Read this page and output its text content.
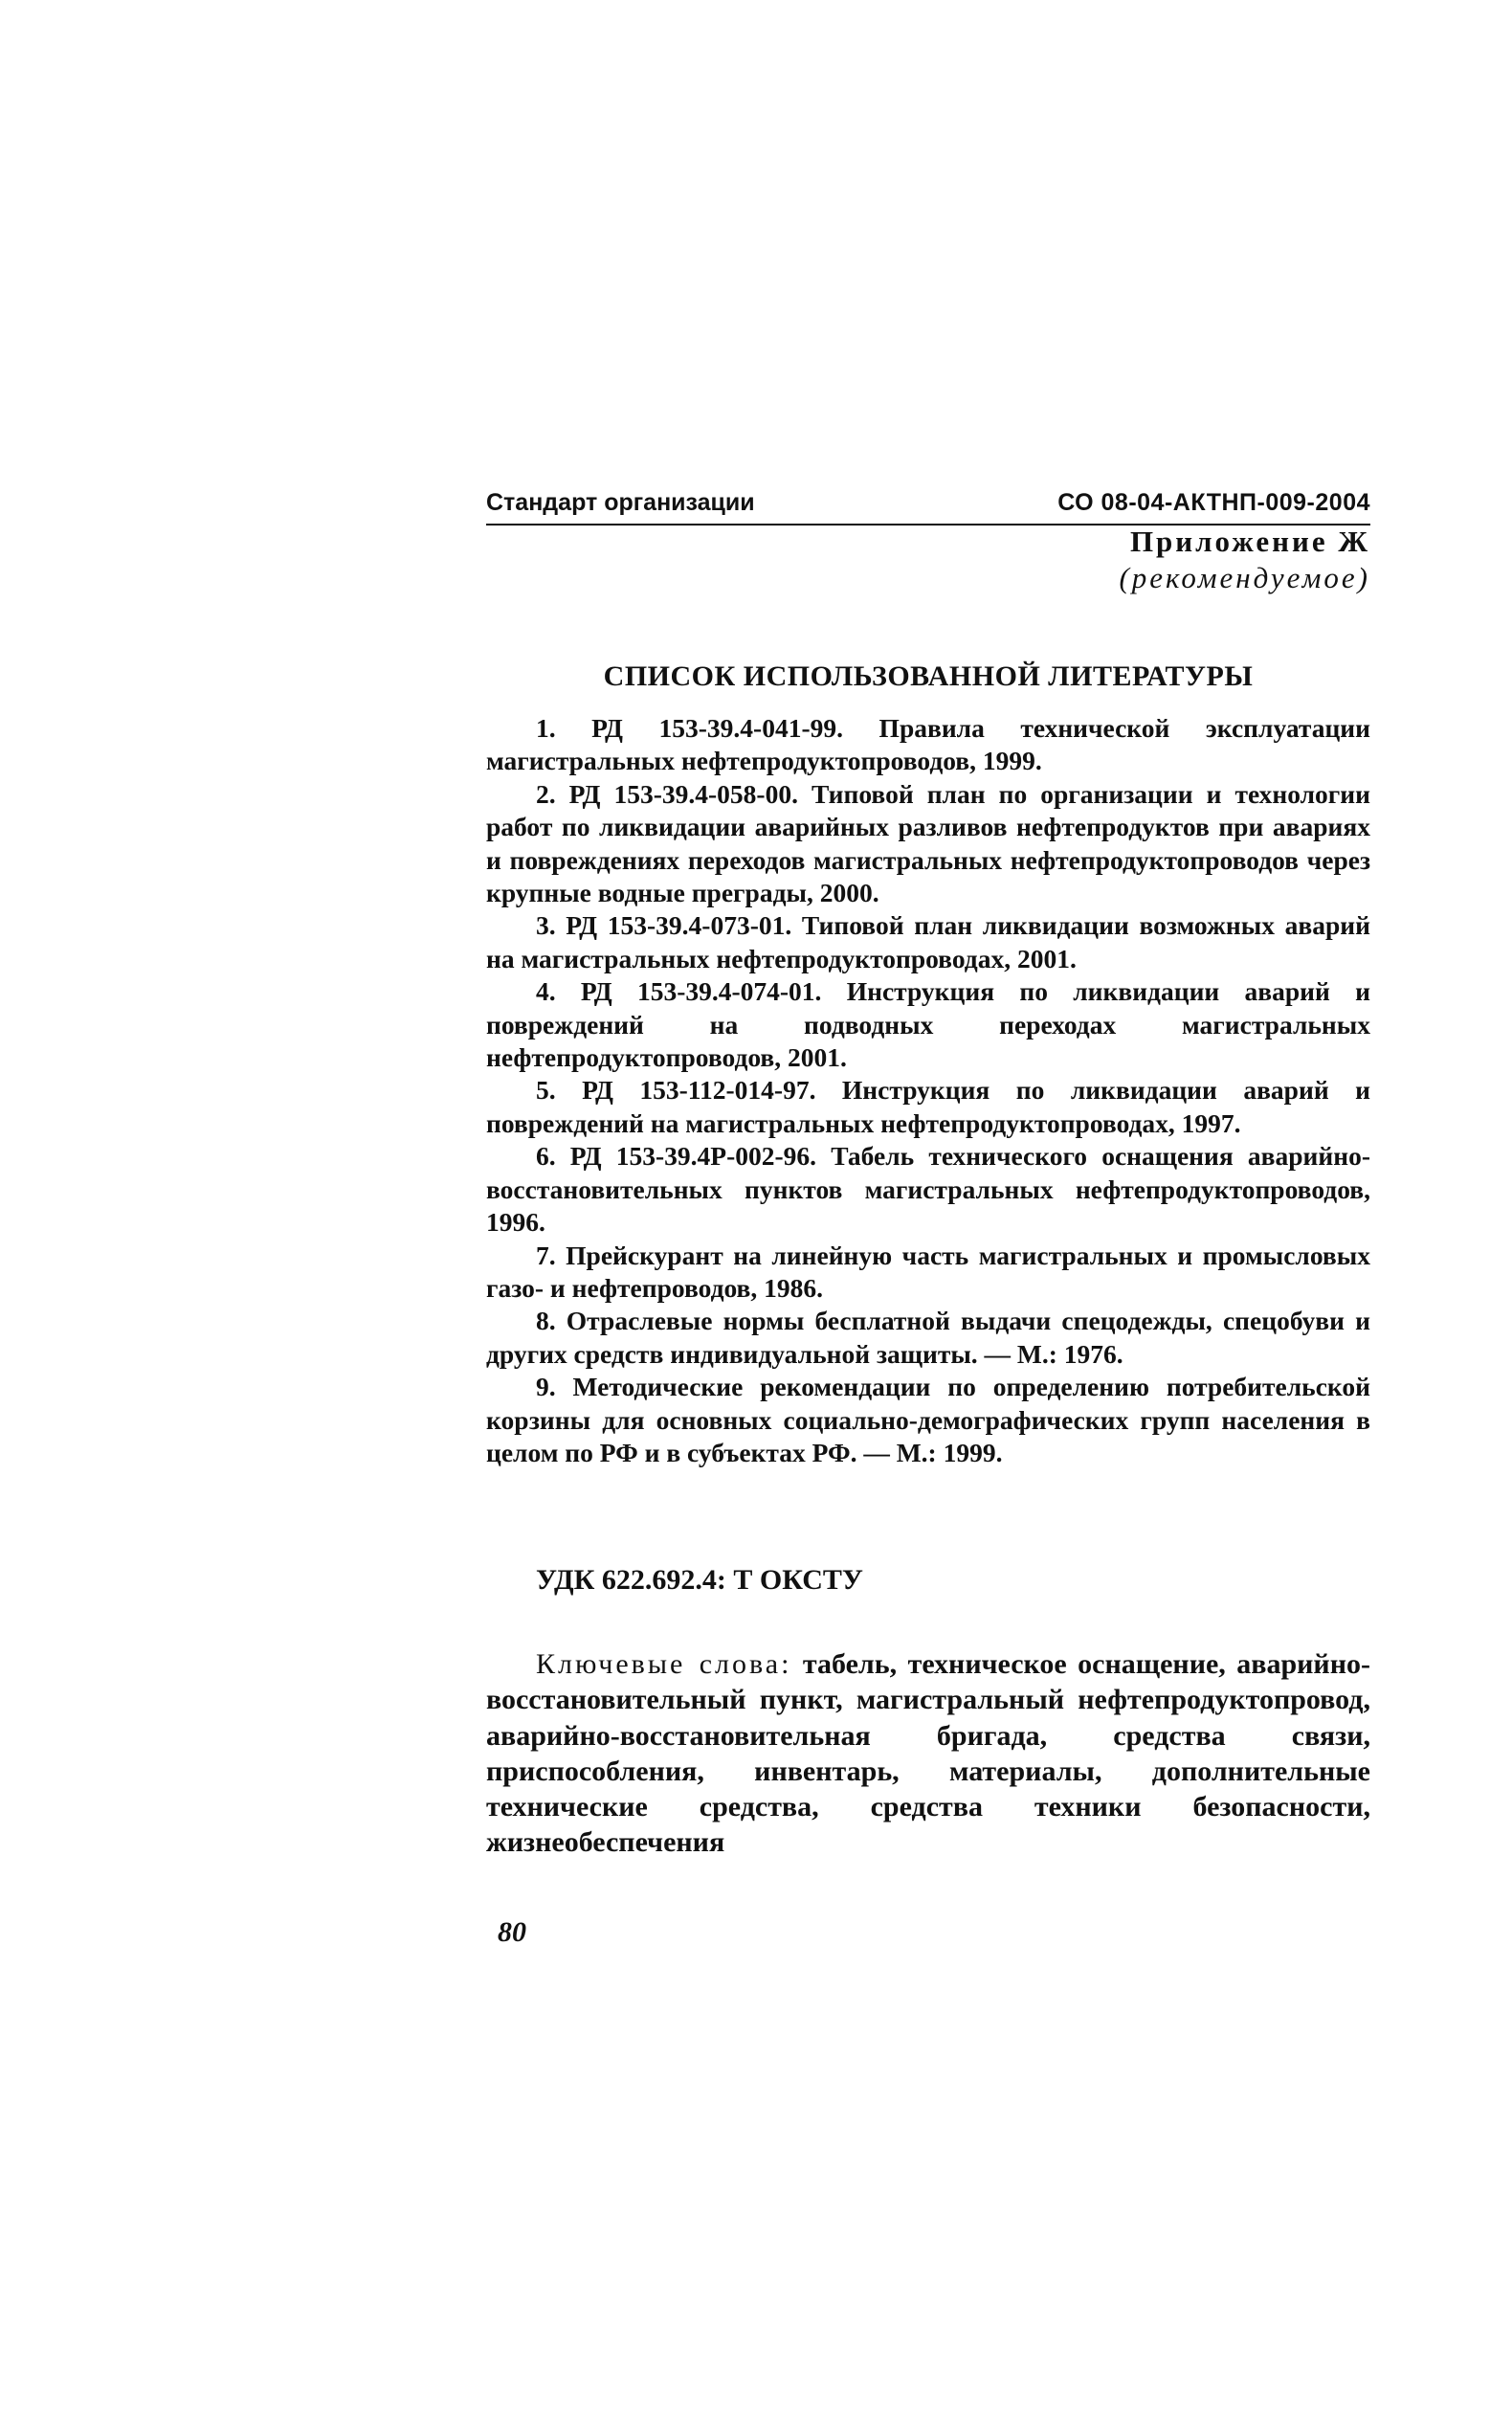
Стандарт организации	СО 08-04-АКТНП-009-2004
Приложение Ж
(рекомендуемое)
СПИСОК ИСПОЛЬЗОВАННОЙ ЛИТЕРАТУРЫ
1. РД 153-39.4-041-99. Правила технической эксплуатации магистральных нефтепродуктопроводов, 1999.
2. РД 153-39.4-058-00. Типовой план по организации и технологии работ по ликвидации аварийных разливов нефтепродуктов при авариях и повреждениях переходов магистральных нефтепродуктопроводов через крупные водные преграды, 2000.
3. РД 153-39.4-073-01. Типовой план ликвидации возможных аварий на магистральных нефтепродуктопроводах, 2001.
4. РД 153-39.4-074-01. Инструкция по ликвидации аварий и повреждений на подводных переходах магистральных нефтепродуктопроводов, 2001.
5. РД 153-112-014-97. Инструкция по ликвидации аварий и повреждений на магистральных нефтепродуктопроводах, 1997.
6. РД 153-39.4Р-002-96. Табель технического оснащения аварийно-восстановительных пунктов магистральных нефтепродуктопроводов, 1996.
7. Прейскурант на линейную часть магистральных и промысловых газо- и нефтепроводов, 1986.
8. Отраслевые нормы бесплатной выдачи спецодежды, спецобуви и других средств индивидуальной защиты. — М.: 1976.
9. Методические рекомендации по определению потребительской корзины для основных социально-демографических групп населения в целом по РФ и в субъектах РФ. — М.: 1999.
УДК 622.692.4: Т ОКСТУ
Ключевые слова: табель, техническое оснащение, аварийно-восстановительный пункт, магистральный нефтепродуктопровод, аварийно-восстановительная бригада, средства связи, приспособления, инвентарь, материалы, дополнительные технические средства, средства техники безопасности, жизнеобеспечения
80
